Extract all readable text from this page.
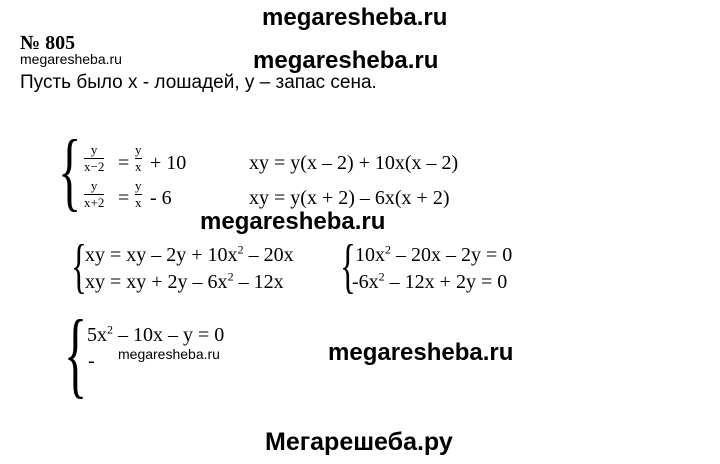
megaresheba.ru
megaresheba.ru	megaresheba.ru
megaresheba.ru
megaresheba.ru	megaresheba.ru
Мегарешеба.ру
№ 805
Пусть было х - лошадей, у – запас сена.
{ y
x−2 =
y
x + 10
y
x+2 =
y
x - 6
xy = y(x – 2) + 10x(x – 2)
xy = y(x + 2) – 6x(x + 2)
{
xy = xy – $2y + 10x^2 - 20x$
xy = xy + $2y - 6x^2 - 12x$ { $10x^2 - 20x - 2y = 0$
$-6x^2 - 12x + 2y = 0$
{ $5x^2 - 10x - y = 0$
-
